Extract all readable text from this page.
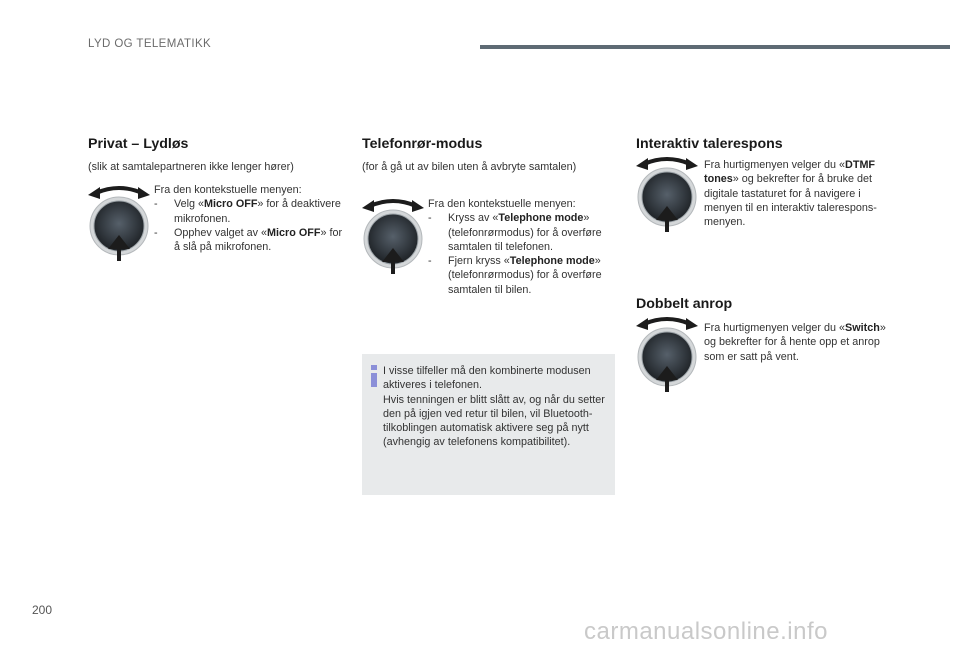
LYD OG TELEMATIKK
Privat – Lydløs
(slik at samtalepartneren ikke lenger hører)
Fra den kontekstuelle menyen:
- Velg «Micro OFF» for å deaktivere mikrofonen.
- Opphev valget av «Micro OFF» for å slå på mikrofonen.
Telefonrør-modus
(for å gå ut av bilen uten å avbryte samtalen)
Fra den kontekstuelle menyen:
- Kryss av «Telephone mode» (telefonrørmodus) for å overføre samtalen til telefonen.
- Fjern kryss «Telephone mode» (telefonrørmodus) for å overføre samtalen til bilen.
I visse tilfeller må den kombinerte modusen aktiveres i telefonen.
Hvis tenningen er blitt slått av, og når du setter den på igjen ved retur til bilen, vil Bluetooth-tilkoblingen automatisk aktivere seg på nytt (avhengig av telefonens kompatibilitet).
Interaktiv talerespons
Fra hurtigmenyen velger du «DTMF tones» og bekrefter for å bruke det digitale tastaturet for å navigere i menyen til en interaktiv taleresponsmenyen.
Dobbelt anrop
Fra hurtigmenyen velger du «Switch» og bekrefter for å hente opp et anrop som er satt på vent.
200
carmanualsonline.info
